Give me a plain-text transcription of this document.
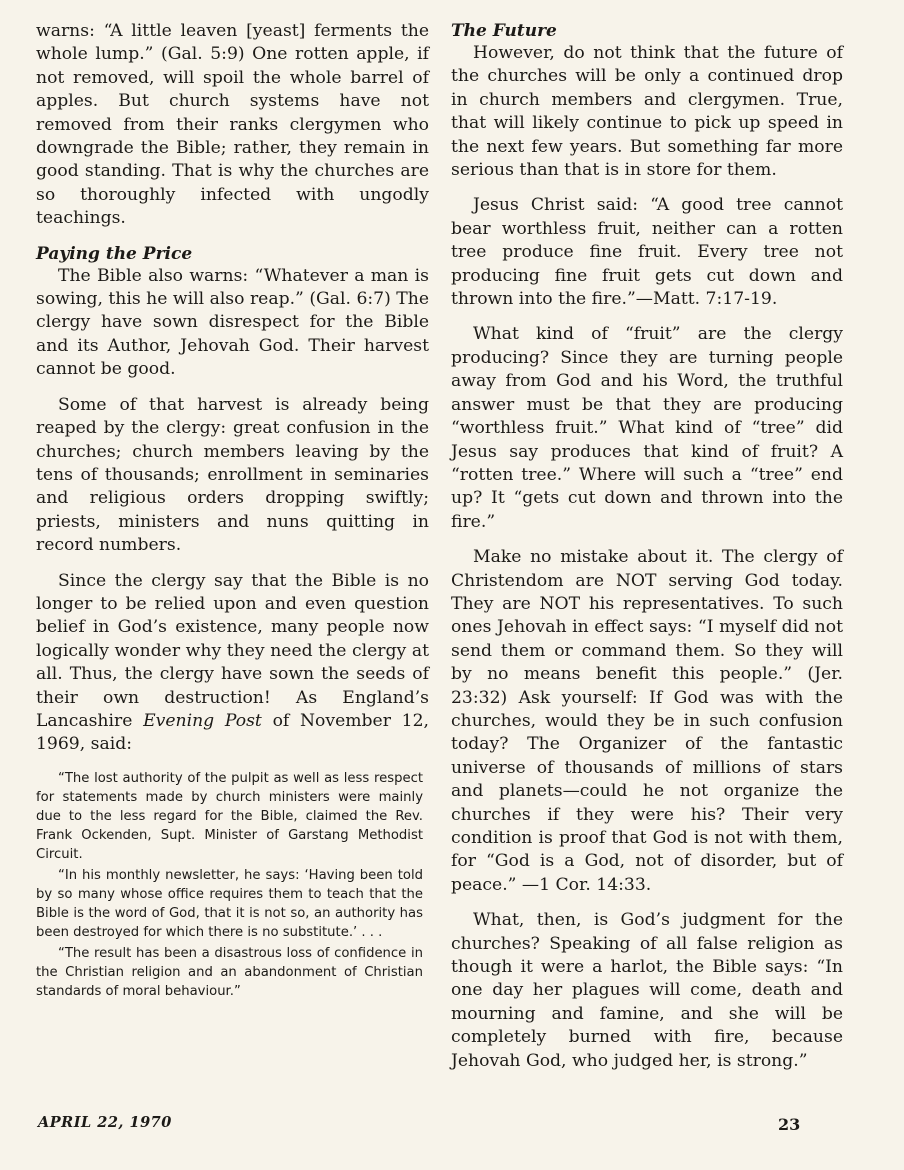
warns: “A little leaven [yeast] ferments the whole lump.” (Gal. 5:9) One rotten apple, if not removed, will spoil the whole barrel of apples. But church systems have not removed from their ranks clergymen who downgrade the Bible; rather, they remain in good standing. That is why the churches are so thoroughly infected with ungodly teachings.

Paying the Price

The Bible also warns: “Whatever a man is sowing, this he will also reap.” (Gal. 6:7) The clergy have sown disrespect for the Bible and its Author, Jehovah God. Their harvest cannot be good.

Some of that harvest is already being reaped by the clergy: great confusion in the churches; church members leaving by the tens of thousands; enrollment in seminaries and religious orders dropping swiftly; priests, ministers and nuns quitting in record numbers.

Since the clergy say that the Bible is no longer to be relied upon and even question belief in God’s existence, many people now logically wonder why they need the clergy at all. Thus, the clergy have sown the seeds of their own destruction! As England’s Lancashire Evening Post of November 12, 1969, said:

“The lost authority of the pulpit as well as less respect for statements made by church ministers were mainly due to the less regard for the Bible, claimed the Rev. Frank Ockenden, Supt. Minister of Garstang Methodist Circuit.

“In his monthly newsletter, he says: ‘Having been told by so many whose office requires them to teach that the Bible is the word of God, that it is not so, an authority has been destroyed for which there is no substitute.’ . . .

“The result has been a disastrous loss of confidence in the Christian religion and an abandonment of Christian standards of moral behaviour.”

The Future

However, do not think that the future of the churches will be only a continued drop in church members and clergymen. True, that will likely continue to pick up speed in the next few years. But something far more serious than that is in store for them.

Jesus Christ said: “A good tree cannot bear worthless fruit, neither can a rotten tree produce fine fruit. Every tree not producing fine fruit gets cut down and thrown into the fire.”—Matt. 7:17-19.

What kind of “fruit” are the clergy producing? Since they are turning people away from God and his Word, the truthful answer must be that they are producing “worthless fruit.” What kind of “tree” did Jesus say produces that kind of fruit? A “rotten tree.” Where will such a “tree” end up? It “gets cut down and thrown into the fire.”

Make no mistake about it. The clergy of Christendom are NOT serving God today. They are NOT his representatives. To such ones Jehovah in effect says: “I myself did not send them or command them. So they will by no means benefit this people.” (Jer. 23:32) Ask yourself: If God was with the churches, would they be in such confusion today? The Organizer of the fantastic universe of thousands of millions of stars and planets—could he not organize the churches if they were his? Their very condition is proof that God is not with them, for “God is a God, not of disorder, but of peace.” —1 Cor. 14:33.

What, then, is God’s judgment for the churches? Speaking of all false religion as though it were a harlot, the Bible says: “In one day her plagues will come, death and mourning and famine, and she will be completely burned with fire, because Jehovah God, who judged her, is strong.”

APRIL 22, 1970	23
